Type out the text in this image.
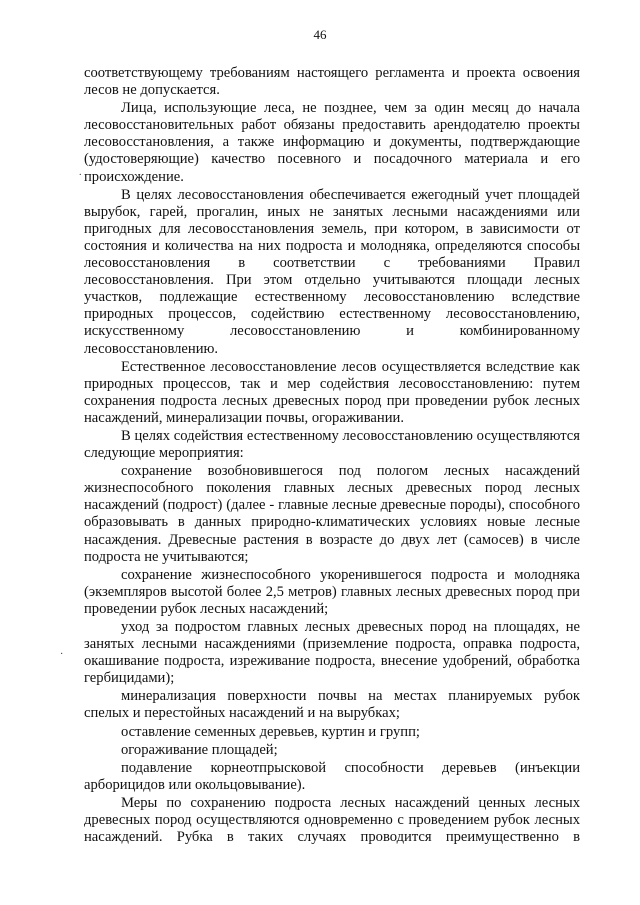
46
.
·

соответствующему требованиям настоящего регламента и проекта освоения лесов не допускается.

Лица, использующие леса, не позднее, чем за один месяц до начала лесовосстановительных работ обязаны предоставить арендодателю проекты лесовосстановления, а также информацию и документы, подтверждающие (удостоверяющие) качество посевного и посадочного материала и его происхождение.

В целях лесовосстановления обеспечивается ежегодный учет площадей вырубок, гарей, прогалин, иных не занятых лесными насаждениями или пригодных для лесовосстановления земель, при котором, в зависимости от состояния и количества на них подроста и молодняка, определяются способы лесовосстановления в соответствии с требованиями Правил лесовосстановления. При этом отдельно учитываются площади лесных участков, подлежащие естественному лесовосстановлению вследствие природных процессов, содействию естественному лесовосстановлению, искусственному лесовосстановлению и комбинированному лесовосстановлению.

Естественное лесовосстановление лесов осуществляется вследствие как природных процессов, так и мер содействия лесовосстановлению: путем сохранения подроста лесных древесных пород при проведении рубок лесных насаждений, минерализации почвы, огораживании.

В целях содействия естественному лесовосстановлению осуществляются следующие мероприятия:

сохранение возобновившегося под пологом лесных насаждений жизнеспособного поколения главных лесных древесных пород лесных насаждений (подрост) (далее - главные лесные древесные породы), способного образовывать в данных природно-климатических условиях новые лесные насаждения. Древесные растения в возрасте до двух лет (самосев) в числе подроста не учитываются;

сохранение жизнеспособного укоренившегося подроста и молодняка (экземпляров высотой более 2,5 метров) главных лесных древесных пород при проведении рубок лесных насаждений;

уход за подростом главных лесных древесных пород на площадях, не занятых лесными насаждениями (приземление подроста, оправка подроста, окашивание подроста, изреживание подроста, внесение удобрений, обработка гербицидами);

минерализация поверхности почвы на местах планируемых рубок спелых и перестойных насаждений и на вырубках;

оставление семенных деревьев, куртин и групп;

огораживание площадей;

подавление корнеотпрысковой способности деревьев (инъекции арборицидов или окольцовывание).

Меры по сохранению подроста лесных насаждений ценных лесных древесных пород осуществляются одновременно с проведением рубок лесных насаждений. Рубка в таких случаях проводится преимущественно в
